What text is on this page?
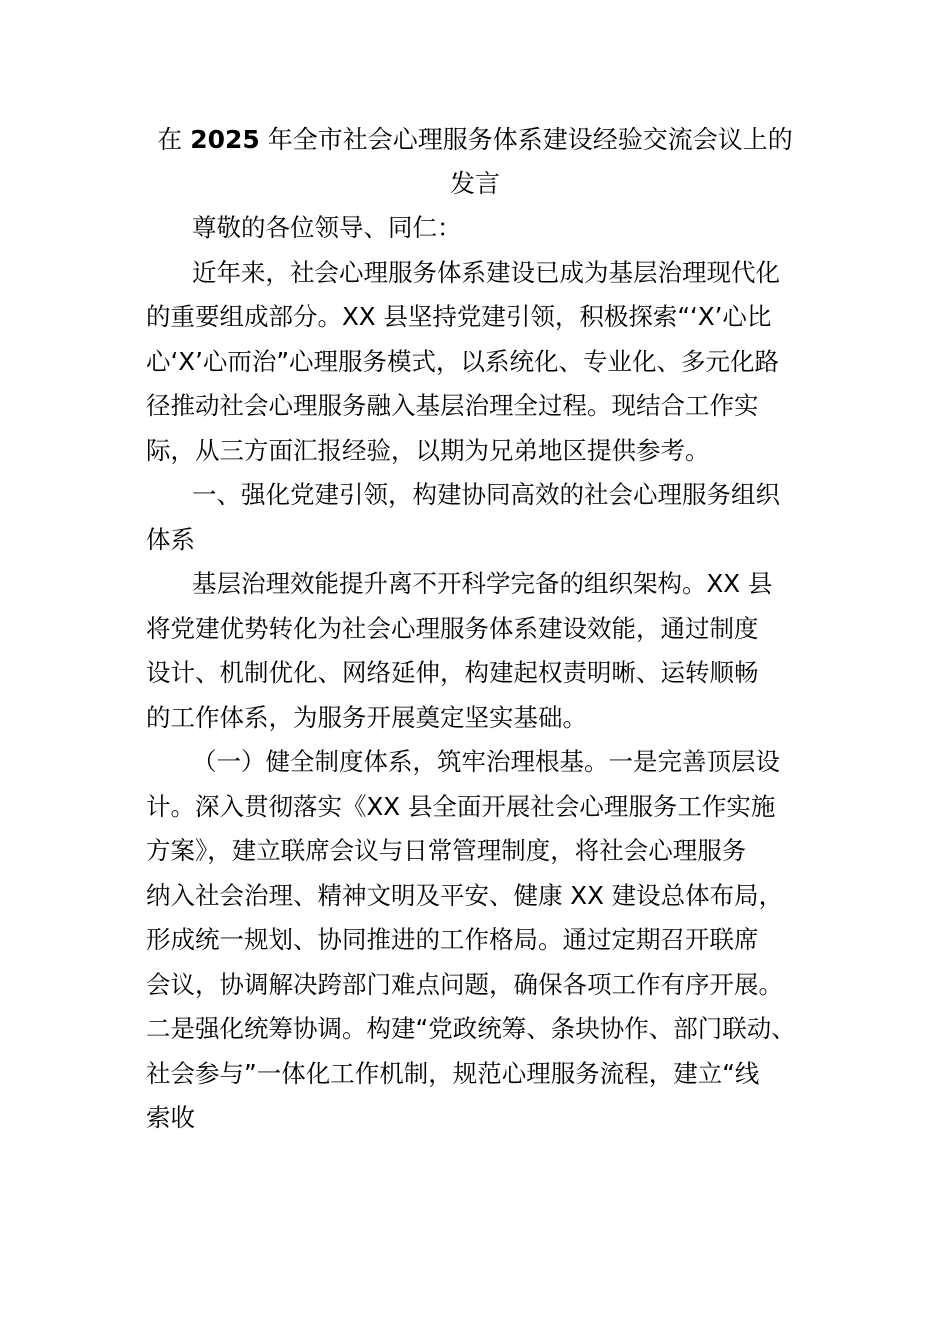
在 2025 年全市社会心理服务体系建设经验交流会议上的
发言
尊敬的各位领导、同仁：
近年来，社会心理服务体系建设已成为基层治理现代化
的重要组成部分。XX 县坚持党建引领，积极探索“‘X’心比
心‘X’心而治”心理服务模式，以系统化、专业化、多元化路
径推动社会心理服务融入基层治理全过程。现结合工作实
际，从三方面汇报经验，以期为兄弟地区提供参考。
一、强化党建引领，构建协同高效的社会心理服务组织
体系
基层治理效能提升离不开科学完备的组织架构。XX 县
将党建优势转化为社会心理服务体系建设效能，通过制度
设计、机制优化、网络延伸，构建起权责明晰、运转顺畅
的工作体系，为服务开展奠定坚实基础。
（一）健全制度体系，筑牢治理根基。一是完善顶层设
计。深入贯彻落实《XX 县全面开展社会心理服务工作实施
方案》，建立联席会议与日常管理制度，将社会心理服务
纳入社会治理、精神文明及平安、健康 XX 建设总体布局，
形成统一规划、协同推进的工作格局。通过定期召开联席
会议，协调解决跨部门难点问题，确保各项工作有序开展。
二是强化统筹协调。构建“党政统筹、条块协作、部门联动、
社会参与”一体化工作机制，规范心理服务流程，建立“线
索收
